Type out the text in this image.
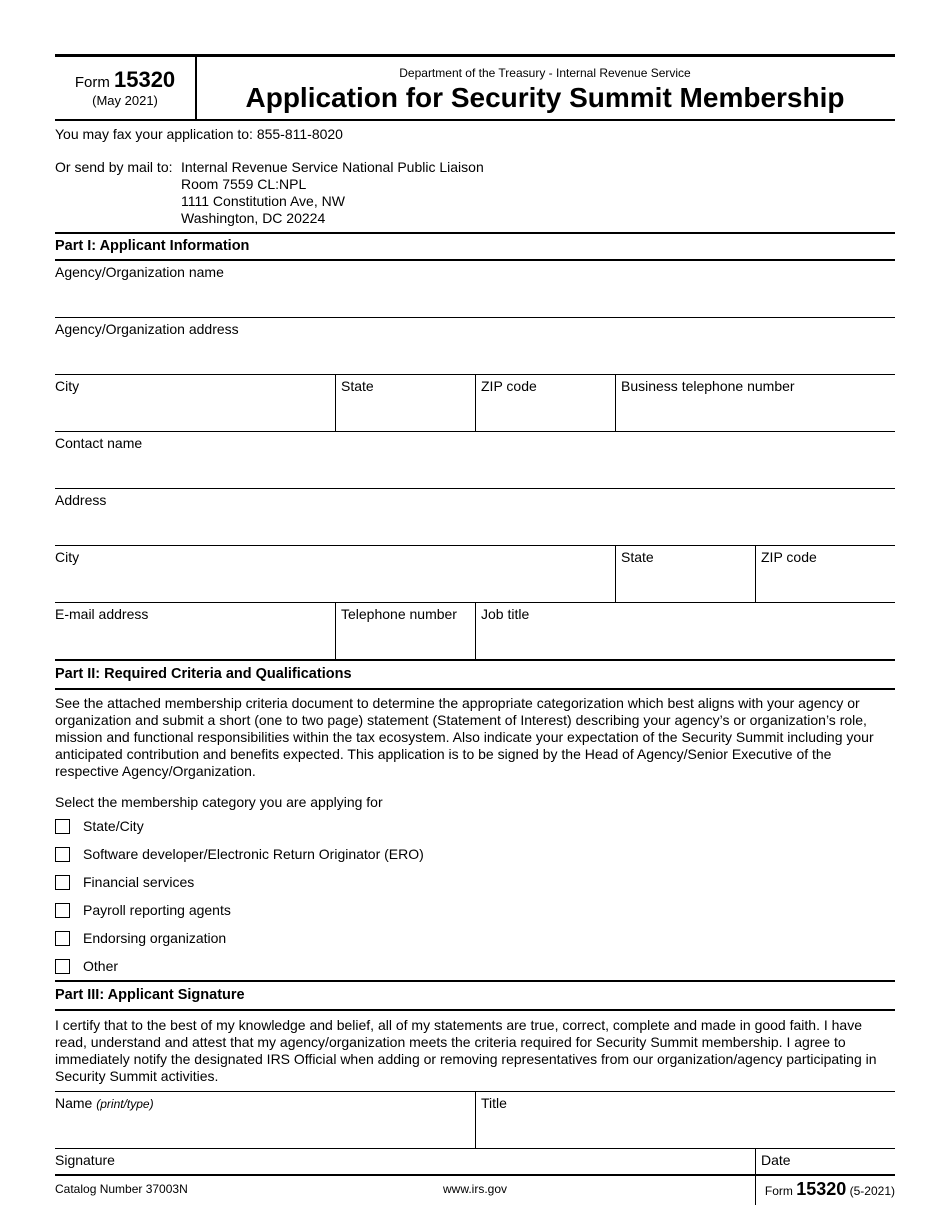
Form 15320
(May 2021)
Department of the Treasury - Internal Revenue Service
Application for Security Summit Membership
You may fax your application to: 855-811-8020
Or send by mail to: Internal Revenue Service National Public Liaison
Room 7559 CL:NPL
1111 Constitution Ave, NW
Washington, DC 20224
Part I: Applicant Information
Agency/Organization name
Agency/Organization address
City	State	ZIP code	Business telephone number
Contact name
Address
City	State	ZIP code
E-mail address	Telephone number	Job title
Part II: Required Criteria and Qualifications
See the attached membership criteria document to determine the appropriate categorization which best aligns with your agency or organization and submit a short (one to two page) statement (Statement of Interest) describing your agency’s or organization’s role, mission and functional responsibilities within the tax ecosystem. Also indicate your expectation of the Security Summit including your anticipated contribution and benefits expected. This application is to be signed by the Head of Agency/Senior Executive of the respective Agency/Organization.
Select the membership category you are applying for
State/City
Software developer/Electronic Return Originator (ERO)
Financial services
Payroll reporting agents
Endorsing organization
Other
Part III: Applicant Signature
I certify that to the best of my knowledge and belief, all of my statements are true, correct, complete and made in good faith. I have read, understand and attest that my agency/organization meets the criteria required for Security Summit membership. I agree to immediately notify the designated IRS Official when adding or removing representatives from our organization/agency participating in Security Summit activities.
Name (print/type)	Title
Signature	Date
Catalog Number 37003N	www.irs.gov	Form 15320 (5-2021)
